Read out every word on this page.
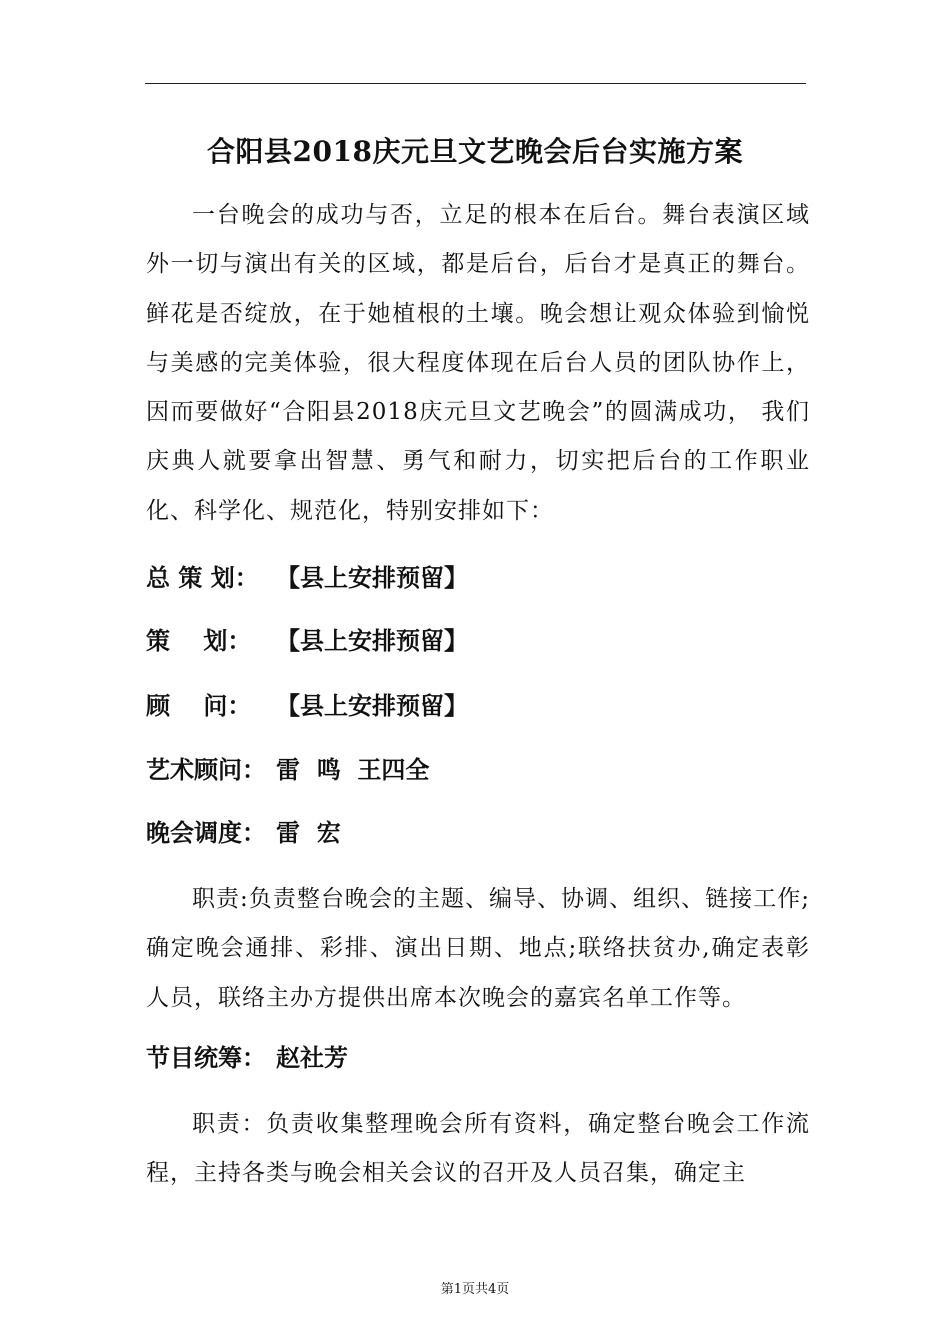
合阳县2018庆元旦文艺晚会后台实施方案

一台晚会的成功与否，立足的根本在后台。舞台表演区域外一切与演出有关的区域，都是后台，后台才是真正的舞台。鲜花是否绽放，在于她植根的土壤。晚会想让观众体验到愉悦与美感的完美体验，很大程度体现在后台人员的团队协作上，因而要做好“合阳县2018庆元旦文艺晚会”的圆满成功， 我们庆典人就要拿出智慧、勇气和耐力，切实把后台的工作职业化、科学化、规范化，特别安排如下：

总 策 划： 【县上安排预留】
策    划： 【县上安排预留】
顾    问： 【县上安排预留】
艺术顾问： 雷  鸣  王四全
晚会调度： 雷  宏

职责:负责整台晚会的主题、编导、协调、组织、链接工作;确定晚会通排、彩排、演出日期、地点;联络扶贫办,确定表彰人员，联络主办方提供出席本次晚会的嘉宾名单工作等。

节目统筹： 赵社芳

职责：负责收集整理晚会所有资料，确定整台晚会工作流程，主持各类与晚会相关会议的召开及人员召集，确定主

第1页共4页
